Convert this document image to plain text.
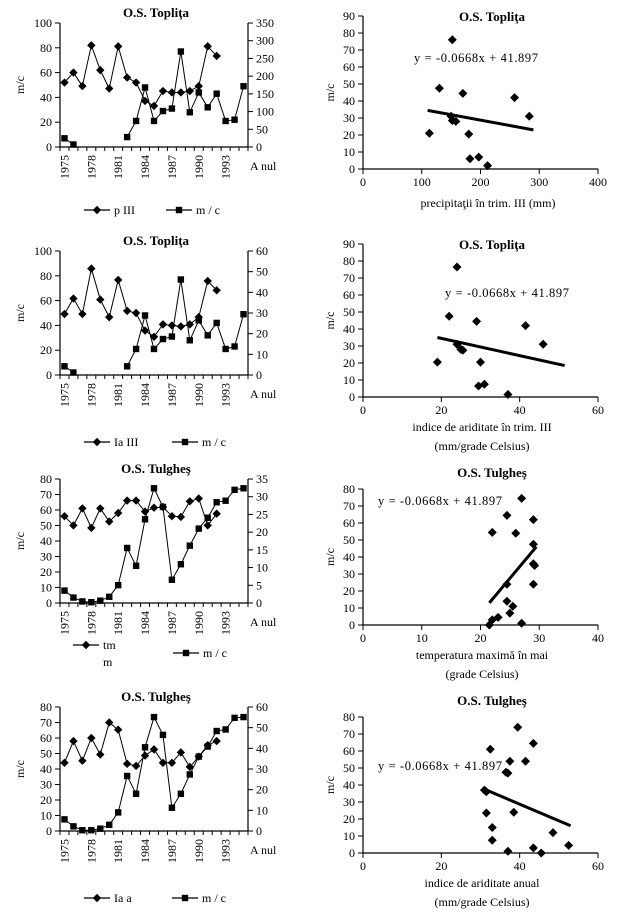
O.S. Topliţa
0
20
40
60
80
100
0
50
100
150
200
250
300
350
1975 1978 1981 1984 1987 1990 1993
m/c
A nul
p III	m / c
O.S. Topliţa
0
10
20
30
40
50
60
70
80
90
0	100	200	300	400
m/c
precipitaţii în trim. III (mm)
y = -0.0668x + 41.897
O.S. Topliţa
0
20
40
60
80
100
0
10
20
30
40
50
60
1975 1978 1981 1984 1987 1990 1993
m/c
A nul
Ia III	m / c
O.S. Topliţa
0
10
20
30
40
50
60
70
80
90
0	20	40	60
m/c
indice de ariditate în trim. III
(mm/grade Celsius)
y = -0.0668x + 41.897
O.S. Tulgheş
0
10
20
30
40
50
60
70
80
0
5
10
15
20
25
30
35
1975 1978 1981 1984 1987 1990 1993
m/c
A nul
tm
m
m / c
O.S. Tulgheş
0
10
20
30
40
50
60
70
80
0	10	20	30	40
m/c
temperatura maximă în mai
(grade Celsius)
y = -0.0668x + 41.897
O.S. Tulgheş
0
10
20
30
40
50
60
70
80
0
10
20
30
40
50
60
1975 1978 1981 1984 1987 1990 1993
m/c
A nul
Ia a	m / c
O.S. Tulgheş
0
10
20
30
40
50
60
70
80
0	20	40	60
m/c
indice de ariditate anual
(mm/grade Celsius)
y = -0.0668x + 41.897
